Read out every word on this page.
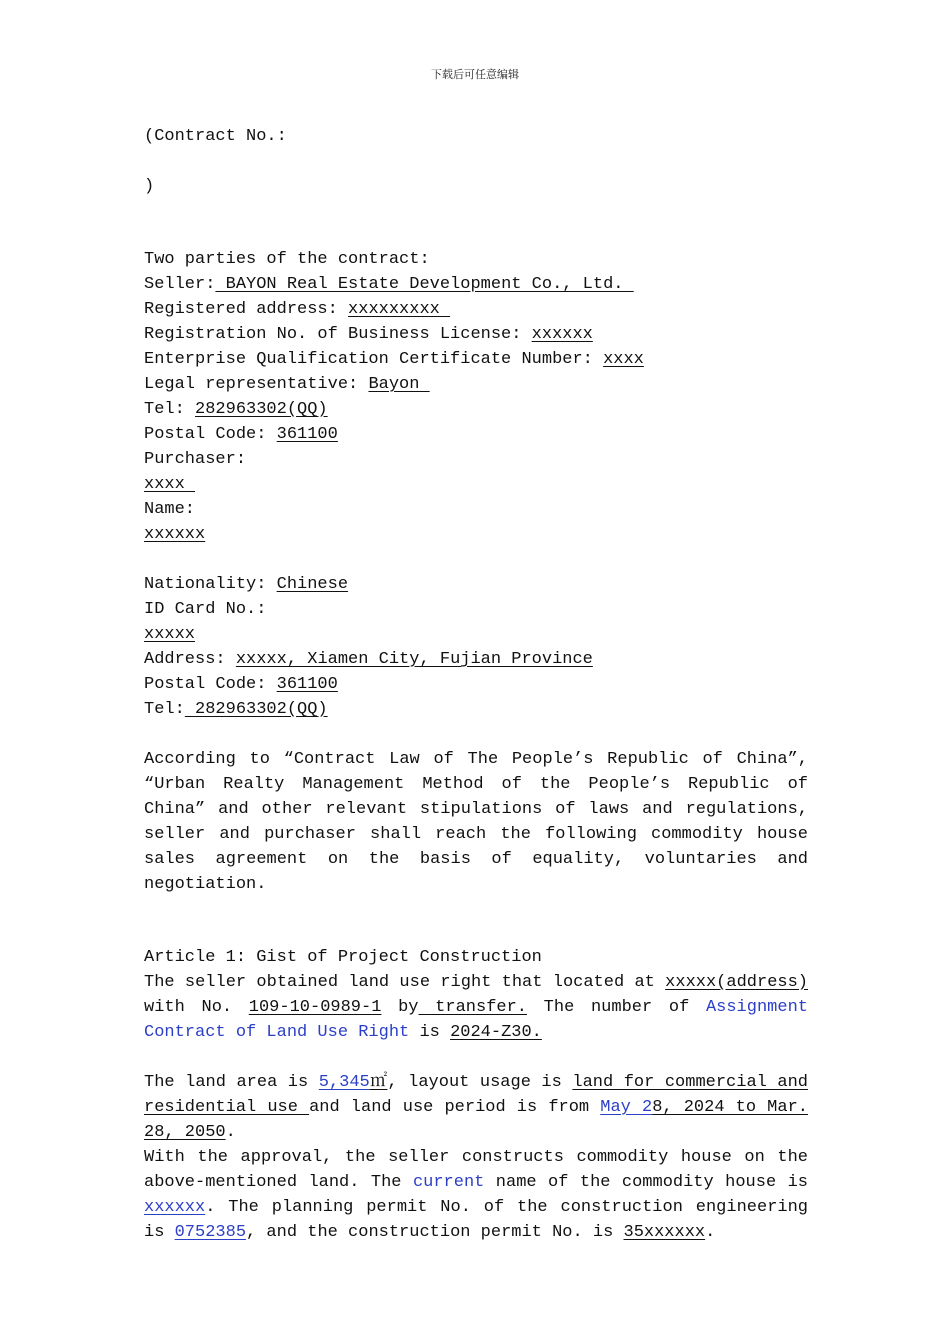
下载后可任意编辑
(Contract No.:
)
Two parties of the contract:
Seller: BAYON Real Estate Development Co., Ltd.
Registered address: xxxxxxxxx
Registration No. of Business License: xxxxxx
Enterprise Qualification Certificate Number: xxxx
Legal representative: Bayon
Tel: 282963302(QQ)
Postal Code: 361100
Purchaser:
xxxx
Name:
xxxxxx
Nationality: Chinese
ID Card No.:
xxxxx
Address: xxxxx, Xiamen City, Fujian Province
Postal Code: 361100
Tel: 282963302(QQ)
According to “Contract Law of The People’s Republic of China”, “Urban Realty Management Method of the People’s Republic of China” and other relevant stipulations of laws and regulations, seller and purchaser shall reach the following commodity house sales agreement on the basis of equality, voluntaries and negotiation.
Article 1: Gist of Project Construction
The seller obtained land use right that located at xxxxx(address) with No. 109-10-0989-1 by transfer. The number of Assignment Contract of Land Use Right is 2024-Z30.
The land area is 5,345㎡, layout usage is land for commercial and residential use and land use period is from May 28, 2024 to Mar. 28, 2050.
With the approval, the seller constructs commodity house on the above-mentioned land. The current name of the commodity house is xxxxxx. The planning permit No. of the construction engineering is 0752385, and the construction permit No. is 35xxxxxx.
